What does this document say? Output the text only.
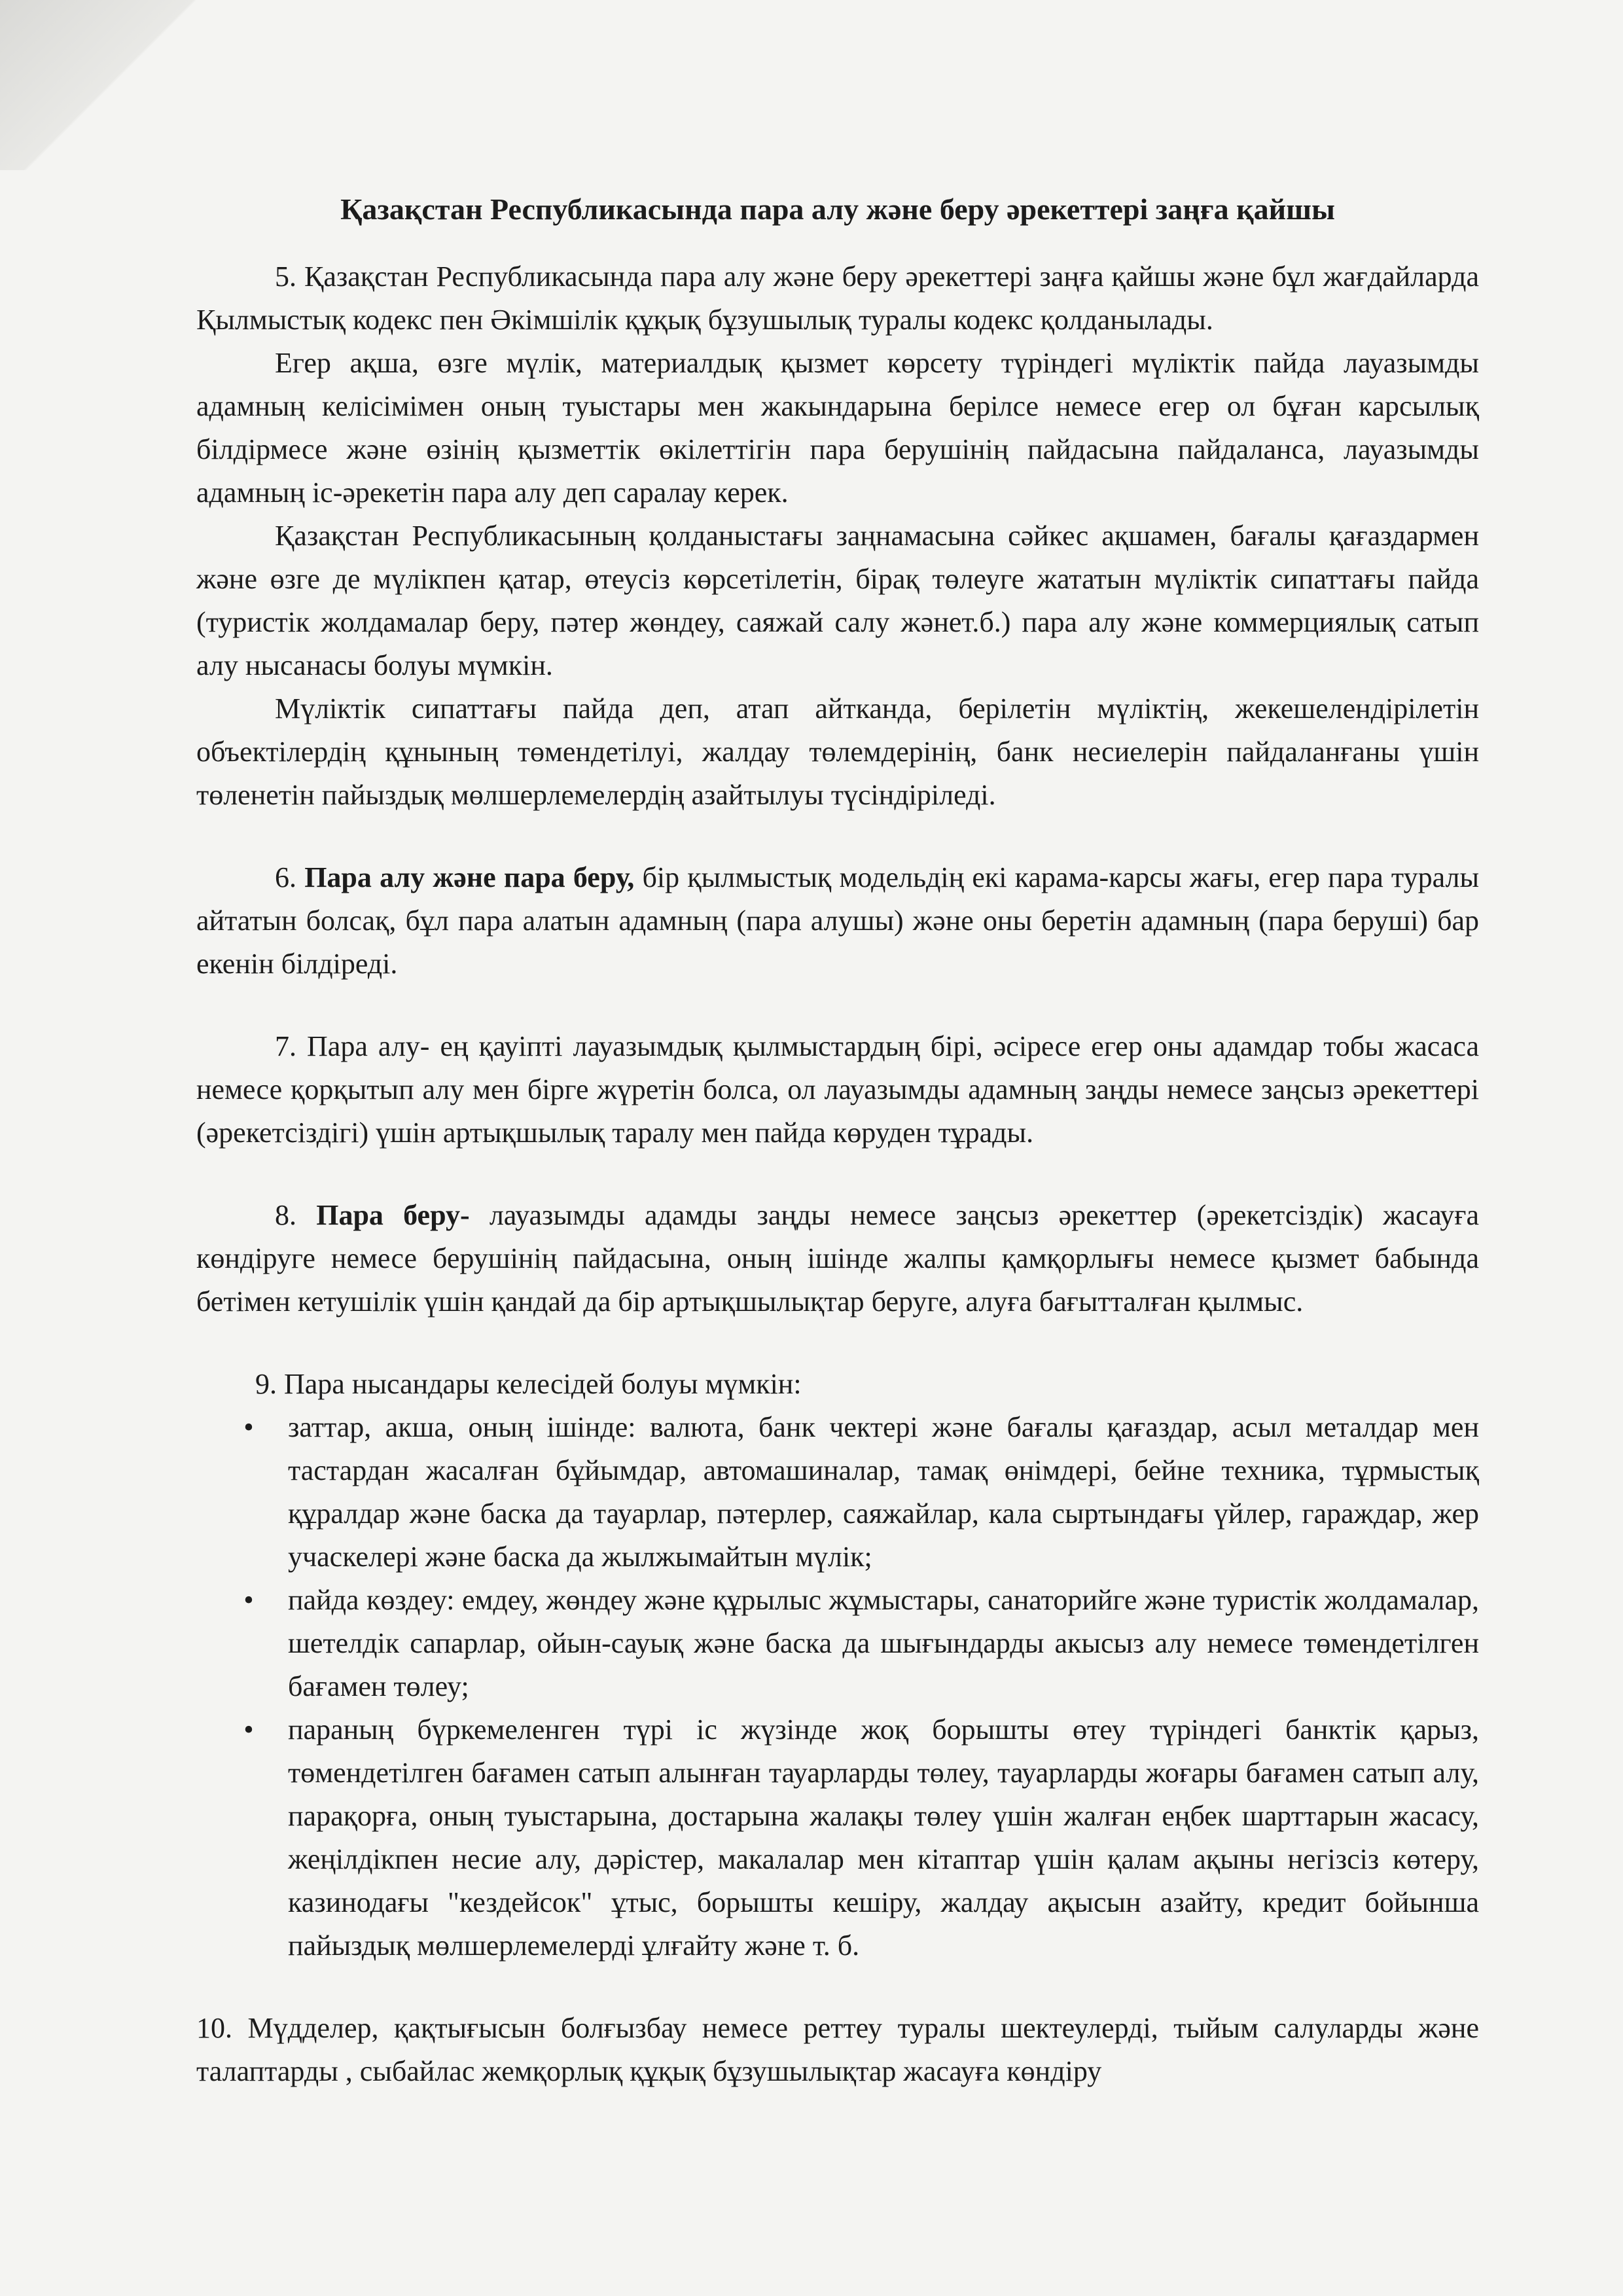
Қазақстан Республикасында пара алу және беру әрекеттері заңға қайшы

5. Қазақстан Республикасында пара алу және беру әрекеттері заңға қайшы және бұл жағдайларда Қылмыстық кодекс пен Әкімшілік құқық бұзушылық туралы кодекс қолданылады.

Егер ақша, өзге мүлік, материалдық қызмет көрсету түріндегі мүліктік пайда лауазымды адамның келісімімен оның туыстары мен жакындарына берілсе немесе егер ол бұған карсылық білдірмесе және өзінің қызметтік өкілеттігін пара берушінің пайдасына пайдаланса, лауазымды адамның іс-әрекетін пара алу деп саралау керек.

Қазақстан Республикасының қолданыстағы заңнамасына сәйкес ақшамен, бағалы қағаздармен және өзге де мүлікпен қатар, өтеусіз көрсетілетін, бірақ төлеуге жататын мүліктік сипаттағы пайда (туристік жолдамалар беру, пәтер жөндеу, саяжай салу жәнет.б.) пара алу және коммерциялық сатып алу нысанасы болуы мүмкін.

Мүліктік сипаттағы пайда деп, атап айтканда, берілетін мүліктің, жекешелендірілетін объектілердің құнының төмендетілуі, жалдау төлемдерінің, банк несиелерін пайдаланғаны үшін төленетін пайыздық мөлшерлемелердің азайтылуы түсіндіріледі.

6. Пара алу және пара беру, бір қылмыстық модельдің екі карама-карсы жағы, егер пара туралы айтатын болсақ, бұл пара алатын адамның (пара алушы) және оны беретін адамның (пара беруші) бар екенін білдіреді.

7. Пара алу- ең қауіпті лауазымдық қылмыстардың бірі, әсіресе егер оны адамдар тобы жасаса немесе қорқытып алу мен бірге жүретін болса, ол лауазымды адамның заңды немесе заңсыз әрекеттері (әрекетсіздігі) үшін артықшылық таралу мен пайда көруден тұрады.

8. Пара беру- лауазымды адамды заңды немесе заңсыз әрекеттер (әрекетсіздік) жасауға көндіруге немесе берушінің пайдасына, оның ішінде жалпы қамқорлығы немесе қызмет бабында бетімен кетушілік үшін қандай да бір артықшылықтар беруге, алуға бағытталған қылмыс.

9. Пара нысандары келесідей болуы мүмкін:

• заттар, акша, оның ішінде: валюта, банк чектері және бағалы қағаздар, асыл металдар мен тастардан жасалған бұйымдар, автомашиналар, тамақ өнімдері, бейне техника, тұрмыстық құралдар және баска да тауарлар, пәтерлер, саяжайлар, кала сыртындағы үйлер, гараждар, жер учаскелері және баска да жылжымайтын мүлік;
• пайда көздеу: емдеу, жөндеу және құрылыс жұмыстары, санаторийге және туристік жолдамалар, шетелдік сапарлар, ойын-сауық және баска да шығындарды акысыз алу немесе төмендетілген бағамен төлеу;
• параның бүркемеленген түрі іс жүзінде жоқ борышты өтеу түріндегі банктік қарыз, төмендетілген бағамен сатып алынған тауарларды төлеу, тауарларды жоғары бағамен сатып алу, парақорға, оның туыстарына, достарына жалақы төлеу үшін жалған еңбек шарттарын жасасу, жеңілдікпен несие алу, дәрістер, макалалар мен кітаптар үшін қалам ақыны негізсіз көтеру, казинодағы "кездейсок" ұтыс, борышты кешіру, жалдау ақысын азайту, кредит бойынша пайыздық мөлшерлемелерді ұлғайту және т. б.

10. Мүдделер, қақтығысын болғызбау немесе реттеу туралы шектеулерді, тыйым салуларды және талаптарды , сыбайлас жемқорлық құқық бұзушылықтар жасауға көндіру
